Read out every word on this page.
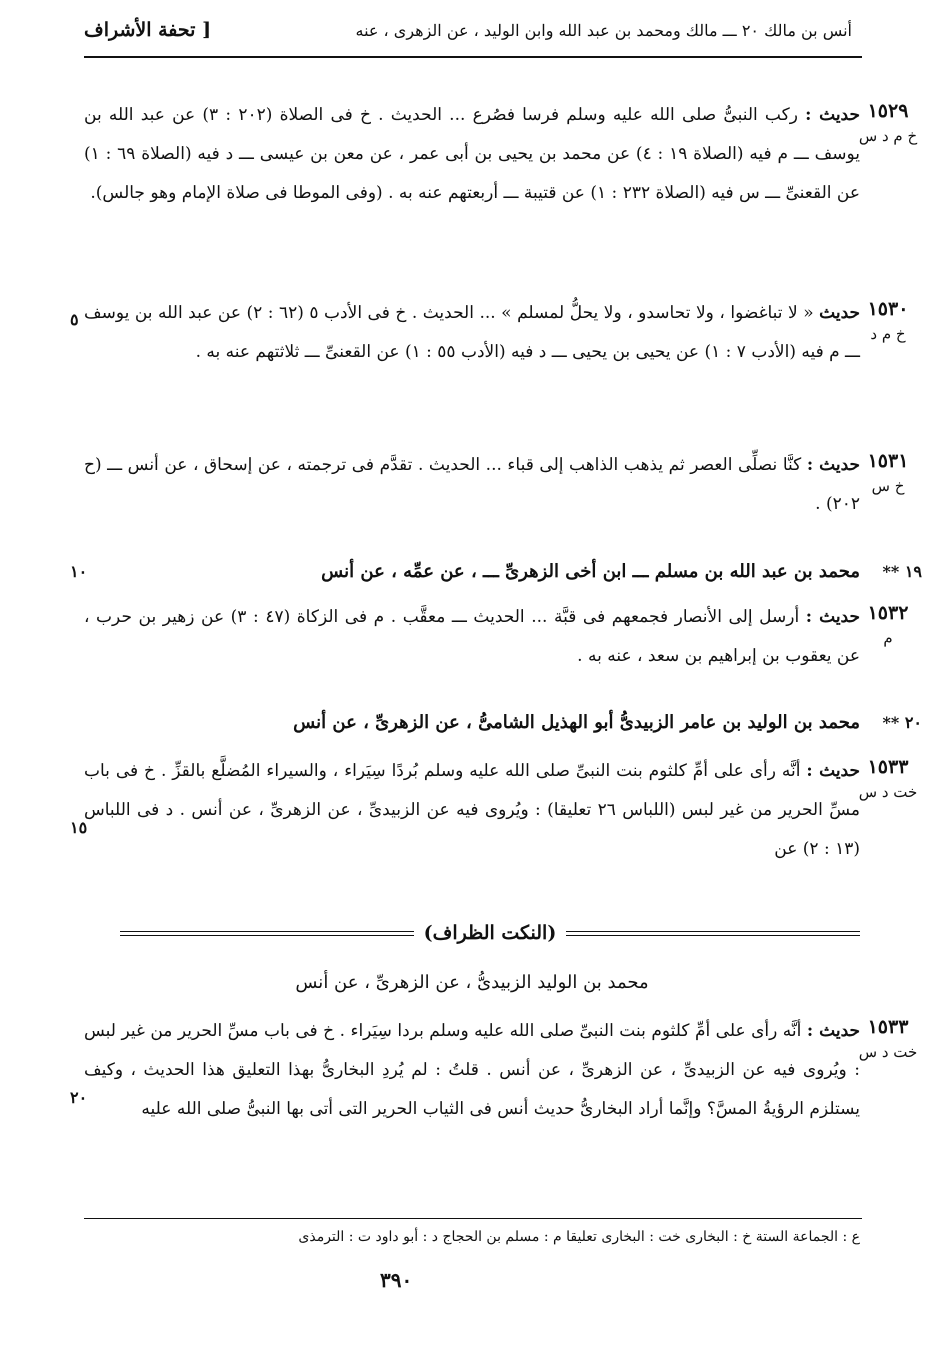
أنس بن مالك ٢٠ ـــ مالك ومحمد بن عبد الله وابن الوليد ، عن الزهرى ، عنه
[ تحفة الأشراف
١٥٢٩
خ م د س
حديث : ركب النبىُّ صلى الله عليه وسلم فرسا فصُرع ... الحديث . خ فى الصلاة (٢٠٢ : ٣) عن عبد الله بن يوسف ـــ م فيه (الصلاة ١٩ : ٤) عن محمد بن يحيى بن أبى عمر ، عن معن بن عيسى ـــ د فيه (الصلاة ٦٩ : ١) عن القعنىِّ ـــ س فيه (الصلاة ٢٣٢ : ١) عن قتيبة ـــ أربعتهم عنه به . (وفى الموطا فى صلاة الإمام وهو جالس).
١٥٣٠
خ م د
حديث « لا تباغضوا ، ولا تحاسدو ، ولا يحلُّ لمسلم » ... الحديث . خ فى الأدب ٥ (٦٢ : ٢) عن عبد الله بن يوسف ـــ م فيه (الأدب ٧ : ١) عن يحيى بن يحيى ـــ د فيه (الأدب ٥٥ : ١) عن القعنىِّ ـــ ثلاثتهم عنه به .
١٥٣١
خ س
حديث : كنَّا نصلِّى العصر ثم يذهب الذاهب إلى قباء ... الحديث . تقدَّم فى ترجمته ، عن إسحاق ، عن أنس ـــ (ح ٢٠٢) .
١٩ **
محمد بن عبد الله بن مسلم ـــ ابن أخى الزهرىِّ ـــ ، عن عمِّه ، عن أنس
١٥٣٢
م
حديث : أرسل إلى الأنصار فجمعهم فى قبَّة ... الحديث ـــ معقَّب . م فى الزكاة (٤٧ : ٣) عن زهير بن حرب ، عن يعقوب بن إبراهيم بن سعد ، عنه به .
٢٠ **
محمد بن الوليد بن عامر الزبيدىُّ أبو الهذيل الشامىُّ ، عن الزهرىِّ ، عن أنس
١٥٣٣
خت د س
حديث : أنَّه رأى على أمِّ كلثوم بنت النبىِّ صلى الله عليه وسلم بُردًا سِيَراء ، والسيراء المُضلَّع بالقزِّ . خ فى باب مسِّ الحرير من غير لبس (اللباس ٢٦ تعليقا) : ويُروى فيه عن الزبيدىِّ ، عن الزهرىِّ ، عن أنس . د فى اللباس (١٣ : ٢) عن
(النكت الظراف)
محمد بن الوليد الزبيدىُّ ، عن الزهرىِّ ، عن أنس
١٥٣٣
خت د س
حديث : أنَّه رأى على أمِّ كلثوم بنت النبىِّ صلى الله عليه وسلم بردا سِيَراء . خ فى باب مسِّ الحرير من غير لبس : ويُروى فيه عن الزبيدىِّ ، عن الزهرىِّ ، عن أنس . قلتُ : لم يُردِ البخارىُّ بهذا التعليق هذا الحديث ، وكيف يستلزم الرؤيةُ المسَّ؟ وإنَّما أراد البخارىُّ حديث أنس فى الثياب الحرير التى أتى بها النبىُّ صلى الله عليه
٥
١٠
١٥
٢٠
ع : الجماعة الستة خ : البخارى خت : البخارى تعليقا م : مسلم بن الحجاج د : أبو داود ت : الترمذى
٣٩٠
